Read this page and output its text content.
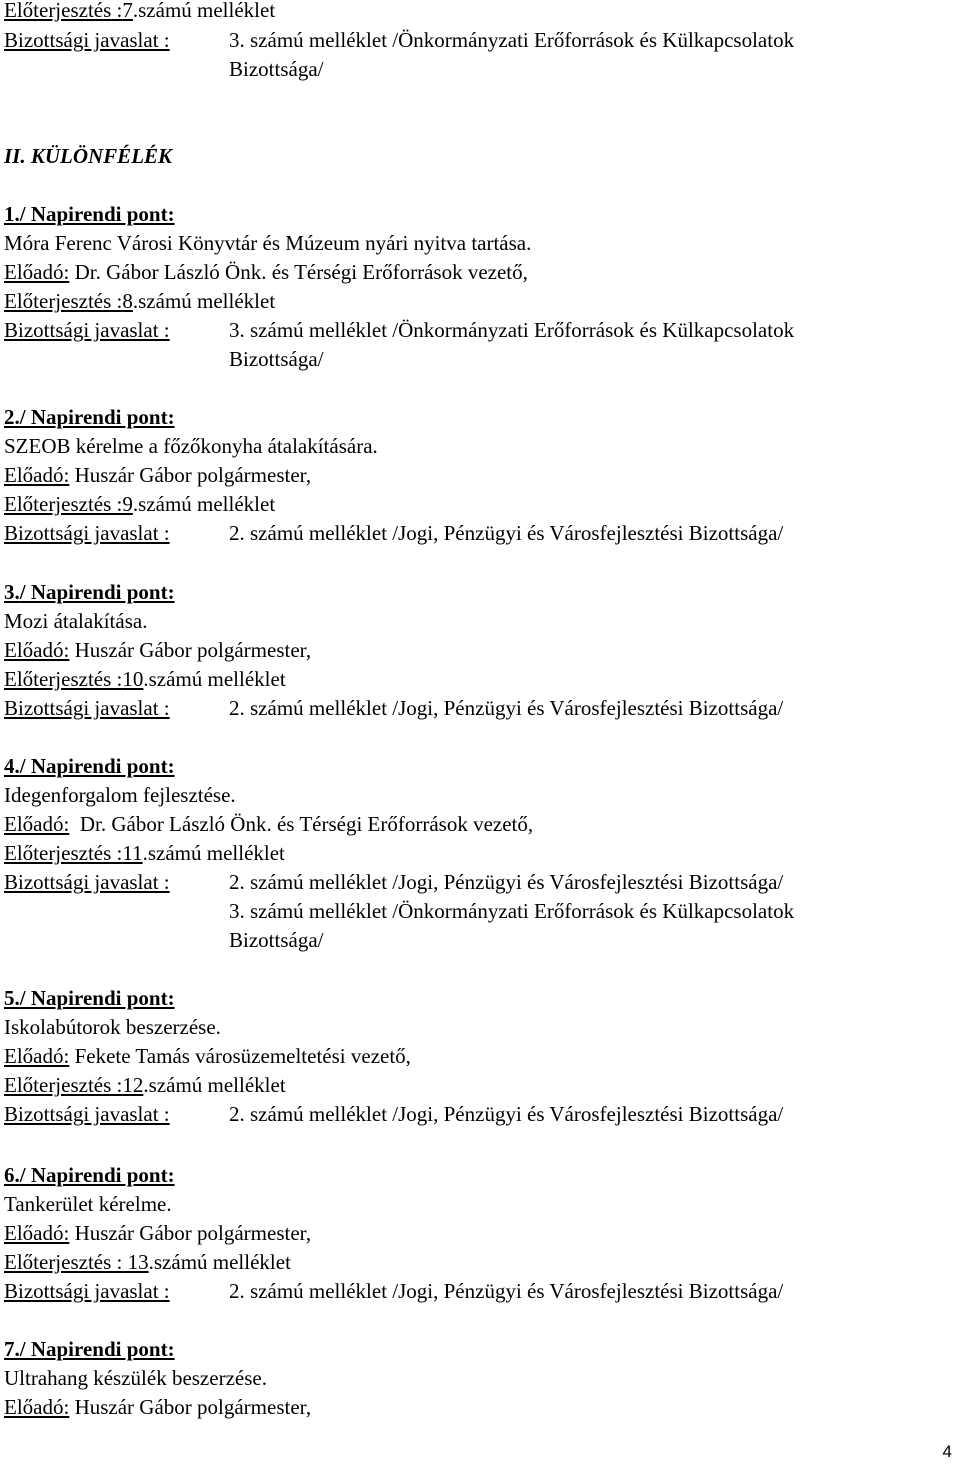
Előterjesztés :7.számú melléklet
Bizottsági javaslat :	3. számú melléklet /Önkormányzati Erőforrások és Külkapcsolatok
Bizottsága/
II. KÜLÖNFÉLÉK
1./ Napirendi pont:
Móra Ferenc Városi Könyvtár és Múzeum nyári nyitva tartása.
Előadó: Dr. Gábor László Önk. és Térségi Erőforrások vezető,
Előterjesztés :8.számú melléklet
Bizottsági javaslat :	3. számú melléklet /Önkormányzati Erőforrások és Külkapcsolatok
Bizottsága/
2./ Napirendi pont:
SZEOB kérelme a főzőkonyha átalakítására.
Előadó: Huszár Gábor polgármester,
Előterjesztés :9.számú melléklet
Bizottsági javaslat :	2. számú melléklet /Jogi, Pénzügyi és Városfejlesztési Bizottsága/
3./ Napirendi pont:
Mozi átalakítása.
Előadó: Huszár Gábor polgármester,
Előterjesztés :10.számú melléklet
Bizottsági javaslat :	2. számú melléklet /Jogi, Pénzügyi és Városfejlesztési Bizottsága/
4./ Napirendi pont:
Idegenforgalom fejlesztése.
Előadó: Dr. Gábor László Önk. és Térségi Erőforrások vezető,
Előterjesztés :11.számú melléklet
Bizottsági javaslat :	2. számú melléklet /Jogi, Pénzügyi és Városfejlesztési Bizottsága/
3. számú melléklet /Önkormányzati Erőforrások és Külkapcsolatok
Bizottsága/
5./ Napirendi pont:
Iskolabútorok beszerzése.
Előadó: Fekete Tamás városüzemeltetési vezető,
Előterjesztés :12.számú melléklet
Bizottsági javaslat :	2. számú melléklet /Jogi, Pénzügyi és Városfejlesztési Bizottsága/
6./ Napirendi pont:
Tankerület kérelme.
Előadó: Huszár Gábor polgármester,
Előterjesztés : 13.számú melléklet
Bizottsági javaslat :	2. számú melléklet /Jogi, Pénzügyi és Városfejlesztési Bizottsága/
7./ Napirendi pont:
Ultrahang készülék beszerzése.
Előadó: Huszár Gábor polgármester,
4
